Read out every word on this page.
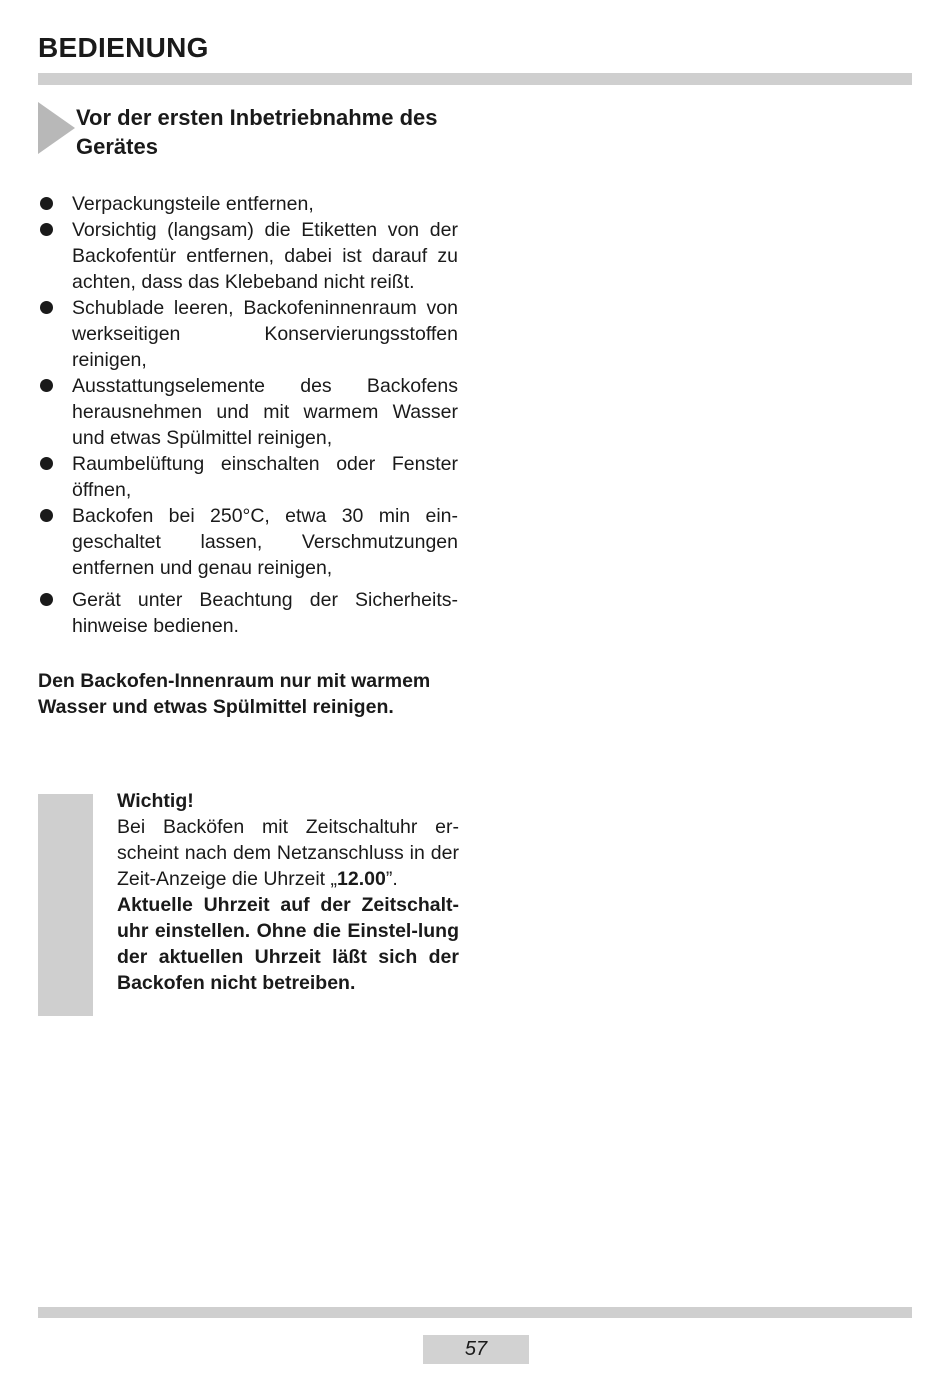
BEDIENUNG
Vor der ersten Inbetriebnahme des Gerätes
Verpackungsteile entfernen,
Vorsichtig (langsam) die Etiketten von der Backofentür entfernen, dabei ist darauf zu achten, dass das Klebeband nicht reißt.
Schublade leeren, Backofeninnenraum von werkseitigen Konservierungsstoffen reinigen,
Ausstattungselemente des Backofens herausnehmen und mit warmem Wasser und etwas Spülmittel reinigen,
Raumbelüftung einschalten oder Fenster öffnen,
Backofen bei 250°C, etwa 30 min ein-geschaltet lassen, Verschmutzungen entfernen und genau reinigen,
Gerät unter Beachtung der Sicherheits-hinweise bedienen.
Den Backofen-Innenraum nur mit warmem Wasser und etwas Spülmittel reinigen.
Wichtig!
Bei Backöfen mit Zeitschaltuhr er-scheint nach dem Netzanschluss in der Zeit-Anzeige die Uhrzeit „12.00”.
Aktuelle Uhrzeit auf der Zeitschalt-uhr einstellen. Ohne die Einstel-lung der aktuellen Uhrzeit läßt sich der Backofen nicht betreiben.
57
